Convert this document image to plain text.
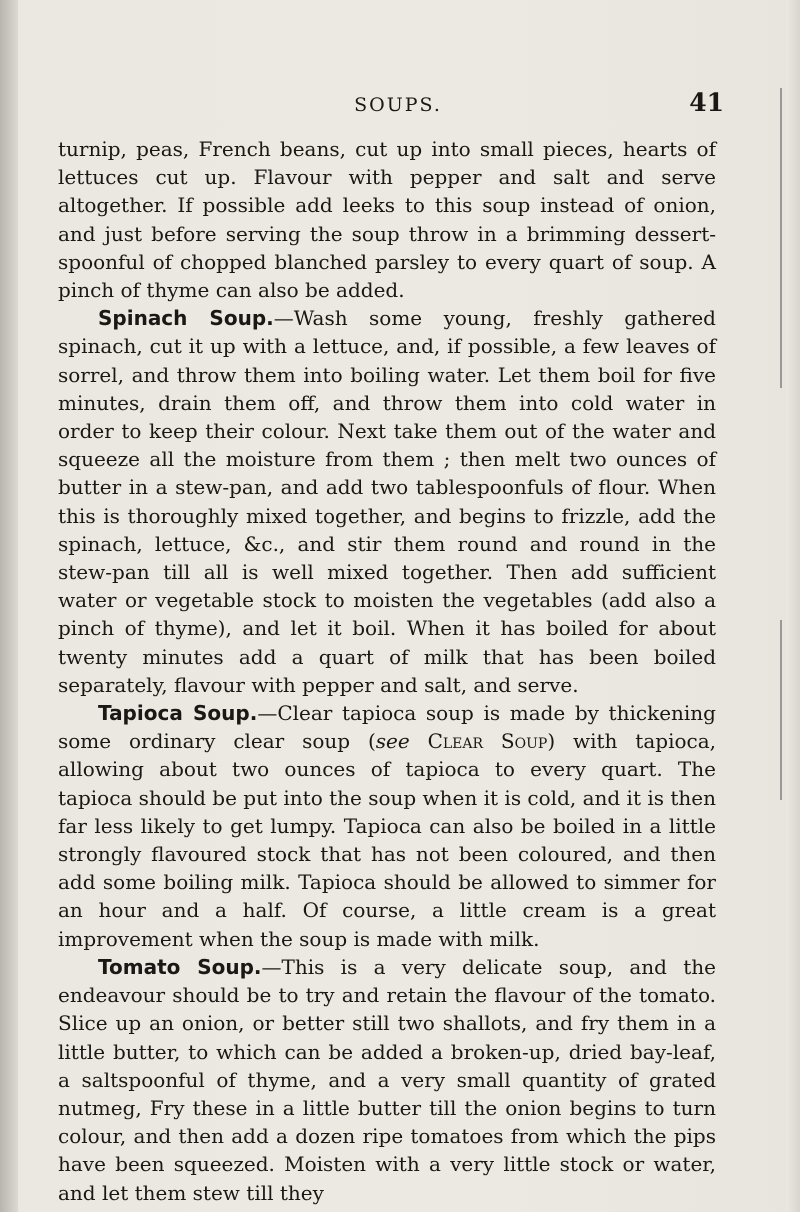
SOUPS.	41

turnip, peas, French beans, cut up into small pieces, hearts of lettuces cut up. Flavour with pepper and salt and serve altogether. If possible add leeks to this soup instead of onion, and just before serving the soup throw in a brimming dessert-spoonful of chopped blanched parsley to every quart of soup. A pinch of thyme can also be added.

Spinach Soup.—Wash some young, freshly gathered spinach, cut it up with a lettuce, and, if possible, a few leaves of sorrel, and throw them into boiling water. Let them boil for five minutes, drain them off, and throw them into cold water in order to keep their colour. Next take them out of the water and squeeze all the moisture from them ; then melt two ounces of butter in a stew-pan, and add two tablespoonfuls of flour. When this is thoroughly mixed together, and begins to frizzle, add the spinach, lettuce, &c., and stir them round and round in the stew-pan till all is well mixed together. Then add sufficient water or vegetable stock to moisten the vegetables (add also a pinch of thyme), and let it boil. When it has boiled for about twenty minutes add a quart of milk that has been boiled separately, flavour with pepper and salt, and serve.

Tapioca Soup.—Clear tapioca soup is made by thickening some ordinary clear soup (see Clear Soup) with tapioca, allowing about two ounces of tapioca to every quart. The tapioca should be put into the soup when it is cold, and it is then far less likely to get lumpy. Tapioca can also be boiled in a little strongly flavoured stock that has not been coloured, and then add some boiling milk. Tapioca should be allowed to simmer for an hour and a half. Of course, a little cream is a great improvement when the soup is made with milk.

Tomato Soup.—This is a very delicate soup, and the endeavour should be to try and retain the flavour of the tomato. Slice up an onion, or better still two shallots, and fry them in a little butter, to which can be added a broken-up, dried bay-leaf, a saltspoonful of thyme, and a very small quantity of grated nutmeg, Fry these in a little butter till the onion begins to turn colour, and then add a dozen ripe tomatoes from which the pips have been squeezed. Moisten with a very little stock or water, and let them stew till they
